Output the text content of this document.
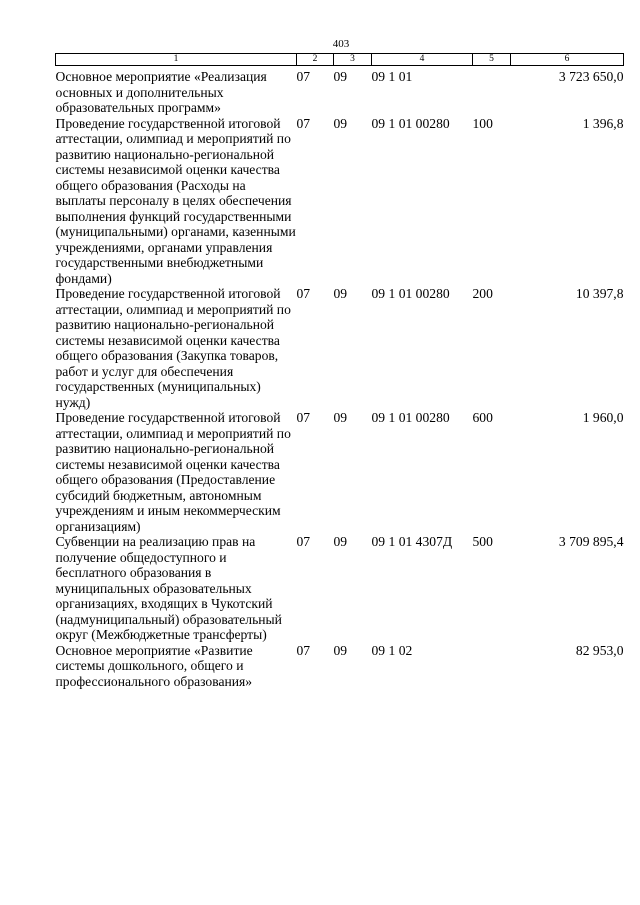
403
1	2	3	4	5	6
Основное мероприятие «Реализация основных и дополнительных образовательных программ»	07	09	09 1 01		3 723 650,0
Проведение государственной итоговой аттестации, олимпиад и мероприятий по развитию национально-региональной системы независимой оценки качества общего образования (Расходы на выплаты персоналу в целях обеспечения выполнения функций государственными (муниципальными) органами, казенными учреждениями, органами управления государственными внебюджетными фондами)	07	09	09 1 01 00280	100	1 396,8
Проведение государственной итоговой аттестации, олимпиад и мероприятий по развитию национально-региональной системы независимой оценки качества общего образования (Закупка товаров, работ и услуг для обеспечения государственных (муниципальных) нужд)	07	09	09 1 01 00280	200	10 397,8
Проведение государственной итоговой аттестации, олимпиад и мероприятий по развитию национально-региональной системы независимой оценки качества общего образования (Предоставление субсидий бюджетным, автономным учреждениям и иным некоммерческим организациям)	07	09	09 1 01 00280	600	1 960,0
Субвенции на реализацию прав на получение общедоступного и бесплатного образования в муниципальных образовательных организациях, входящих в Чукотский (надмуниципальный) образовательный округ (Межбюджетные трансферты)	07	09	09 1 01 4307Д	500	3 709 895,4
Основное мероприятие «Развитие системы дошкольного, общего и профессионального образования»	07	09	09 1 02		82 953,0
